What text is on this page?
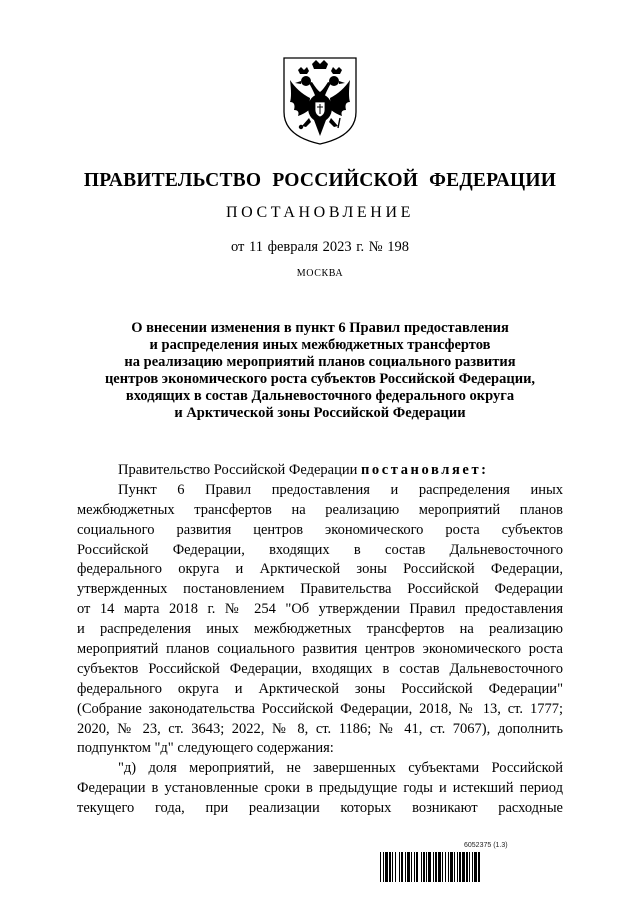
ПРАВИТЕЛЬСТВО РОССИЙСКОЙ ФЕДЕРАЦИИ
ПОСТАНОВЛЕНИЕ
от 11 февраля 2023 г. № 198
МОСКВА
О внесении изменения в пункт 6 Правил предоставления
и распределения иных межбюджетных трансфертов
на реализацию мероприятий планов социального развития
центров экономического роста субъектов Российской Федерации,
входящих в состав Дальневосточного федерального округа
и Арктической зоны Российской Федерации
Правительство Российской Федерации постановляет:
Пункт 6 Правил предоставления и распределения иных
межбюджетных трансфертов на реализацию мероприятий планов
социального развития центров экономического роста субъектов
Российской Федерации, входящих в состав Дальневосточного
федерального округа и Арктической зоны Российской Федерации,
утвержденных постановлением Правительства Российской Федерации
от 14 марта 2018 г. № 254 "Об утверждении Правил предоставления
и распределения иных межбюджетных трансфертов на реализацию
мероприятий планов социального развития центров экономического роста
субъектов Российской Федерации, входящих в состав Дальневосточного
федерального округа и Арктической зоны Российской Федерации"
(Собрание законодательства Российской Федерации, 2018, № 13, ст. 1777;
2020, № 23, ст. 3643; 2022, № 8, ст. 1186; № 41, ст. 7067), дополнить
подпунктом "д" следующего содержания:
"д) доля мероприятий, не завершенных субъектами Российской
Федерации в установленные сроки в предыдущие годы и истекший период
текущего года, при реализации которых возникают расходные
6052375 (1.3)
